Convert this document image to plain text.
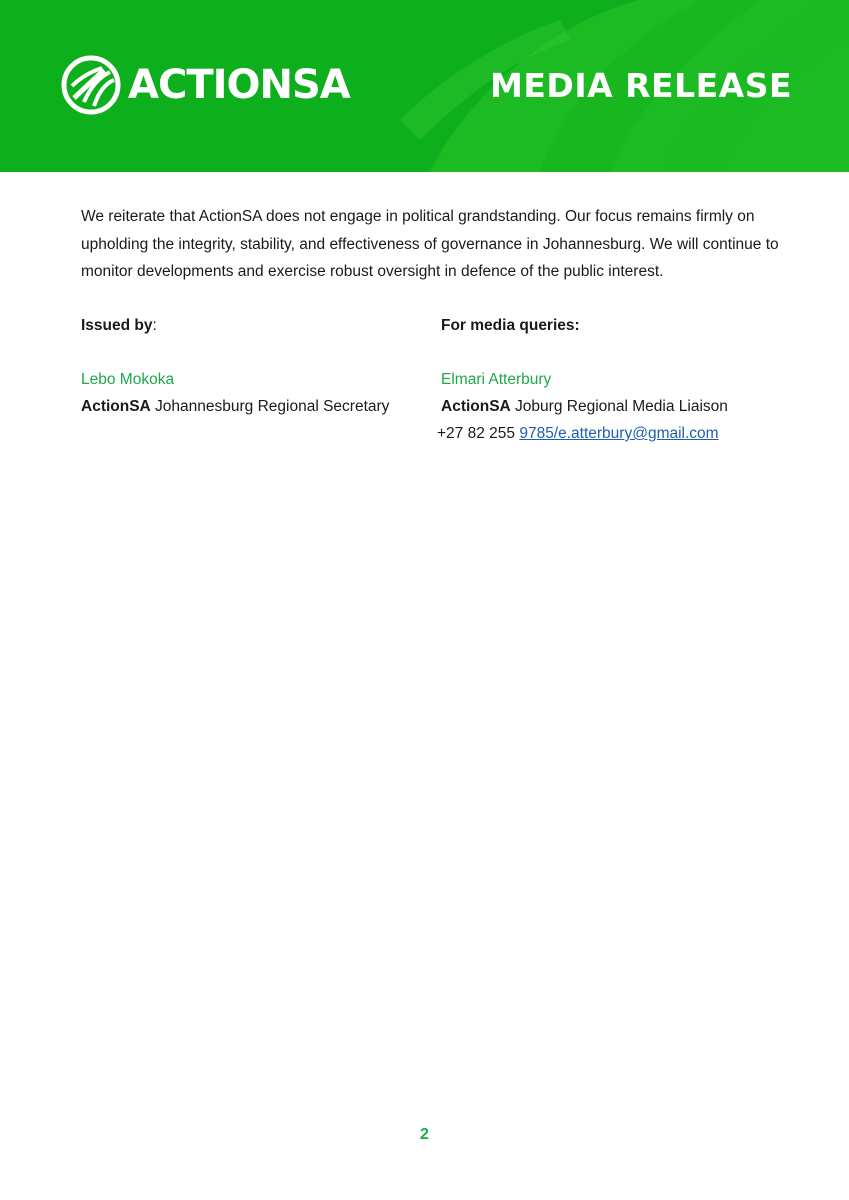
ACTIONSA	MEDIA RELEASE

We reiterate that ActionSA does not engage in political grandstanding. Our focus remains firmly on upholding the integrity, stability, and effectiveness of governance in Johannesburg. We will continue to monitor developments and exercise robust oversight in defence of the public interest.

Issued by:
Lebo Mokoka
ActionSA Johannesburg Regional Secretary
For media queries:
Elmari Atterbury
ActionSA Joburg Regional Media Liaison
+27 82 255 9785/e.atterbury@gmail.com
2
